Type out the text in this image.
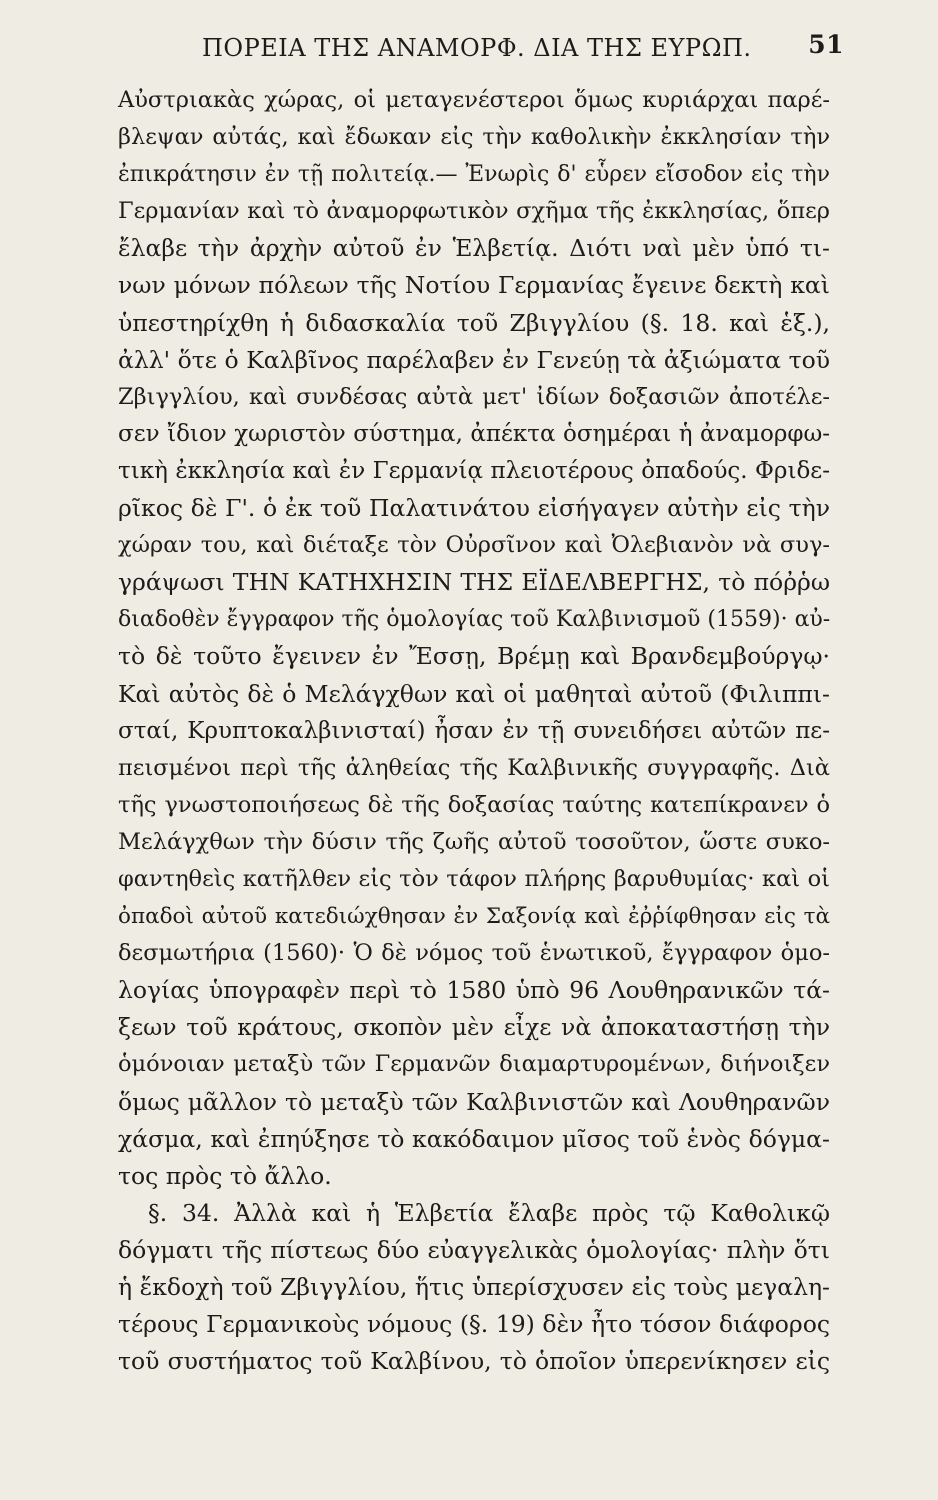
ΠΟΡΕΙΑ ΤΗΣ ΑΝΑΜΟΡΦ. ΔΙΑ ΤΗΣ ΕΥΡΩΠ. 51
Αὐστριακὰς χώρας, οἱ μεταγενέστεροι ὅμως κυριάρχαι παρέ-
βλεψαν αὐτάς, καὶ ἔδωκαν εἰς τὴν καθολικὴν ἐκκλησίαν τὴν
ἐπικράτησιν ἐν τῇ πολιτείᾳ.— Ἐνωρὶς δ' εὗρεν εἴσοδον εἰς τὴν
Γερμανίαν καὶ τὸ ἀναμορφωτικὸν σχῆμα τῆς ἐκκλησίας, ὅπερ
ἔλαβε τὴν ἀρχὴν αὐτοῦ ἐν Ἑλβετίᾳ. Διότι ναὶ μὲν ὑπό τι-
νων μόνων πόλεων τῆς Νοτίου Γερμανίας ἔγεινε δεκτὴ καὶ
ὑπεστηρίχθη ἡ διδασκαλία τοῦ Ζβιγγλίου (§. 18. καὶ ἑξ.),
ἀλλ' ὅτε ὁ Καλβῖνος παρέλαβεν ἐν Γενεύῃ τὰ ἀξιώματα τοῦ
Ζβιγγλίου, καὶ συνδέσας αὐτὰ μετ' ἰδίων δοξασιῶν ἀποτέλε-
σεν ἴδιον χωριστὸν σύστημα, ἀπέκτα ὁσημέραι ἡ ἀναμορφω-
τικὴ ἐκκλησία καὶ ἐν Γερμανίᾳ πλειοτέρους ὀπαδούς. Φριδε-
ρῖκος δὲ Γ'. ὁ ἐκ τοῦ Παλατινάτου εἰσήγαγεν αὐτὴν εἰς τὴν
χώραν του, καὶ διέταξε τὸν Οὐρσῖνον καὶ Ὀλεβιανὸν νὰ συγ-
γράψωσι ΤΗΝ ΚΑΤΗΧΗΣΙΝ ΤΗΣ ΕΪΔΕΛΒΕΡΓΗΣ, τὸ πόῤῥω
διαδοθὲν ἔγγραφον τῆς ὁμολογίας τοῦ Καλβινισμοῦ (1559)· αὐ-
τὸ δὲ τοῦτο ἔγεινεν ἐν Ἔσσῃ, Βρέμῃ καὶ Βρανδεμβούργῳ·
Καὶ αὐτὸς δὲ ὁ Μελάγχθων καὶ οἱ μαθηταὶ αὐτοῦ (Φιλιππι-
σταί, Κρυπτοκαλβινισταί) ἦσαν ἐν τῇ συνειδήσει αὐτῶν πε-
πεισμένοι περὶ τῆς ἀληθείας τῆς Καλβινικῆς συγγραφῆς. Διὰ
τῆς γνωστοποιήσεως δὲ τῆς δοξασίας ταύτης κατεπίκρανεν ὁ
Μελάγχθων τὴν δύσιν τῆς ζωῆς αὐτοῦ τοσοῦτον, ὥστε συκο-
φαντηθεὶς κατῆλθεν εἰς τὸν τάφον πλήρης βαρυθυμίας· καὶ οἱ
ὀπαδοὶ αὐτοῦ κατεδιώχθησαν ἐν Σαξονίᾳ καὶ ἐῤῥίφθησαν εἰς τὰ
δεσμωτήρια (1560)· Ὁ δὲ νόμος τοῦ ἑνωτικοῦ, ἔγγραφον ὁμο-
λογίας ὑπογραφὲν περὶ τὸ 1580 ὑπὸ 96 Λουθηρανικῶν τά-
ξεων τοῦ κράτους, σκοπὸν μὲν εἶχε νὰ ἀποκαταστήσῃ τὴν
ὁμόνοιαν μεταξὺ τῶν Γερμανῶν διαμαρτυρομένων, διήνοιξεν
ὅμως μᾶλλον τὸ μεταξὺ τῶν Καλβινιστῶν καὶ Λουθηρανῶν
χάσμα, καὶ ἐπηύξησε τὸ κακόδαιμον μῖσος τοῦ ἑνὸς δόγμα-
τος πρὸς τὸ ἄλλο.
§. 34. Ἀλλὰ καὶ ἡ Ἑλβετία ἔλαβε πρὸς τῷ Καθολικῷ
δόγματι τῆς πίστεως δύο εὐαγγελικὰς ὁμολογίας· πλὴν ὅτι
ἡ ἔκδοχὴ τοῦ Ζβιγγλίου, ἥτις ὑπερίσχυσεν εἰς τοὺς μεγαλη-
τέρους Γερμανικοὺς νόμους (§. 19) δὲν ἦτο τόσον διάφορος
τοῦ συστήματος τοῦ Καλβίνου, τὸ ὁποῖον ὑπερενίκησεν εἰς
